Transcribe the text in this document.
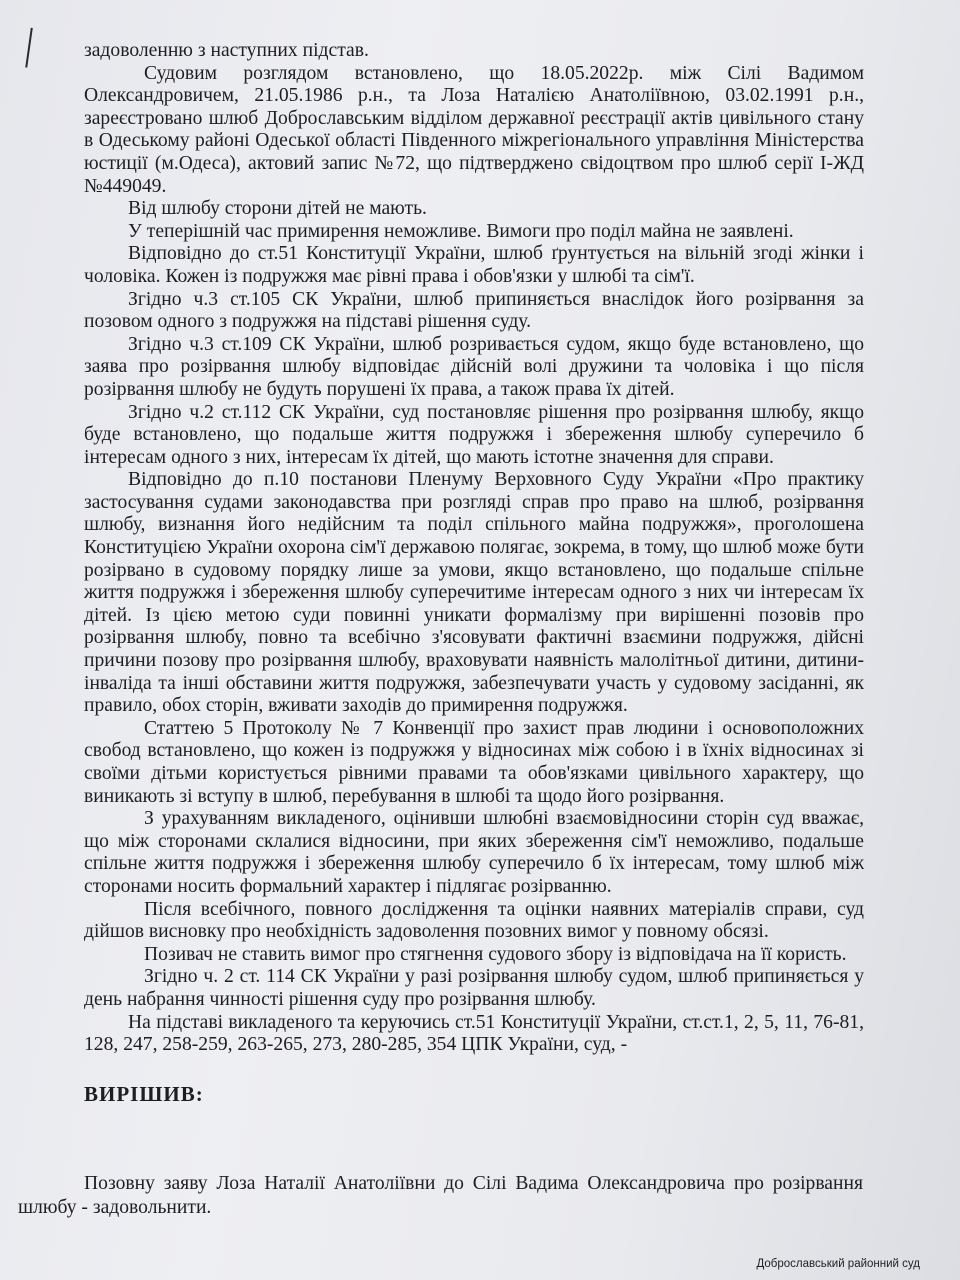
задоволенню з наступних підстав.

Судовим розглядом встановлено, що 18.05.2022р. між Сілі Вадимом Олександровичем, 21.05.1986 р.н., та Лоза Наталією Анатоліївною, 03.02.1991 р.н., зареєстровано шлюб Доброславським відділом державної реєстрації актів цивільного стану в Одеському районі Одеської області Південного міжрегіонального управління Міністерства юстиції (м.Одеса), актовий запис №72, що підтверджено свідоцтвом про шлюб серії І-ЖД №449049.

Від шлюбу сторони дітей не мають.

У теперішній час примирення неможливе. Вимоги про поділ майна не заявлені.

Відповідно до ст.51 Конституції України, шлюб ґрунтується на вільній згоді жінки і чоловіка. Кожен із подружжя має рівні права і обов'язки у шлюбі та сім'ї.

Згідно ч.3 ст.105 СК України, шлюб припиняється внаслідок його розірвання за позовом одного з подружжя на підставі рішення суду.

Згідно ч.3 ст.109 СК України, шлюб розривається судом, якщо буде встановлено, що заява про розірвання шлюбу відповідає дійсній волі дружини та чоловіка і що після розірвання шлюбу не будуть порушені їх права, а також права їх дітей.

Згідно ч.2 ст.112 СК України, суд постановляє рішення про розірвання шлюбу, якщо буде встановлено, що подальше життя подружжя і збереження шлюбу суперечило б інтересам одного з них, інтересам їх дітей, що мають істотне значення для справи.

Відповідно до п.10 постанови Пленуму Верховного Суду України «Про практику застосування судами законодавства при розгляді справ про право на шлюб, розірвання шлюбу, визнання його недійсним та поділ спільного майна подружжя», проголошена Конституцією України охорона сім'ї державою полягає, зокрема, в тому, що шлюб може бути розірвано в судовому порядку лише за умови, якщо встановлено, що подальше спільне життя подружжя і збереження шлюбу суперечитиме інтересам одного з них чи інтересам їх дітей. Із цією метою суди повинні уникати формалізму при вирішенні позовів про розірвання шлюбу, повно та всебічно з'ясовувати фактичні взаємини подружжя, дійсні причини позову про розірвання шлюбу, враховувати наявність малолітньої дитини, дитини-інваліда та інші обставини життя подружжя, забезпечувати участь у судовому засіданні, як правило, обох сторін, вживати заходів до примирення подружжя.

Статтею 5 Протоколу № 7 Конвенції про захист прав людини і основоположних свобод встановлено, що кожен із подружжя у відносинах між собою і в їхніх відносинах зі своїми дітьми користується рівними правами та обов'язками цивільного характеру, що виникають зі вступу в шлюб, перебування в шлюбі та щодо його розірвання.

З урахуванням викладеного, оцінивши шлюбні взаємовідносини сторін суд вважає, що між сторонами склалися відносини, при яких збереження сім'ї неможливо, подальше спільне життя подружжя і збереження шлюбу суперечило б їх інтересам, тому шлюб між сторонами носить формальний характер і підлягає розірванню.

Після всебічного, повного дослідження та оцінки наявних матеріалів справи, суд дійшов висновку про необхідність задоволення позовних вимог у повному обсязі.

Позивач не ставить вимог про стягнення судового збору із відповідача на її користь.

Згідно ч. 2 ст. 114 СК України у разі розірвання шлюбу судом, шлюб припиняється у день набрання чинності рішення суду про розірвання шлюбу.

На підставі викладеного та керуючись ст.51 Конституції України, ст.ст.1, 2, 5, 11, 76-81, 128, 247, 258-259, 263-265, 273, 280-285, 354 ЦПК України, суд, -

ВИРІШИВ:

Позовну заяву Лоза Наталії Анатоліївни до Сілі Вадима Олександровича про розірвання шлюбу - задовольнити.

Доброславський районний суд
